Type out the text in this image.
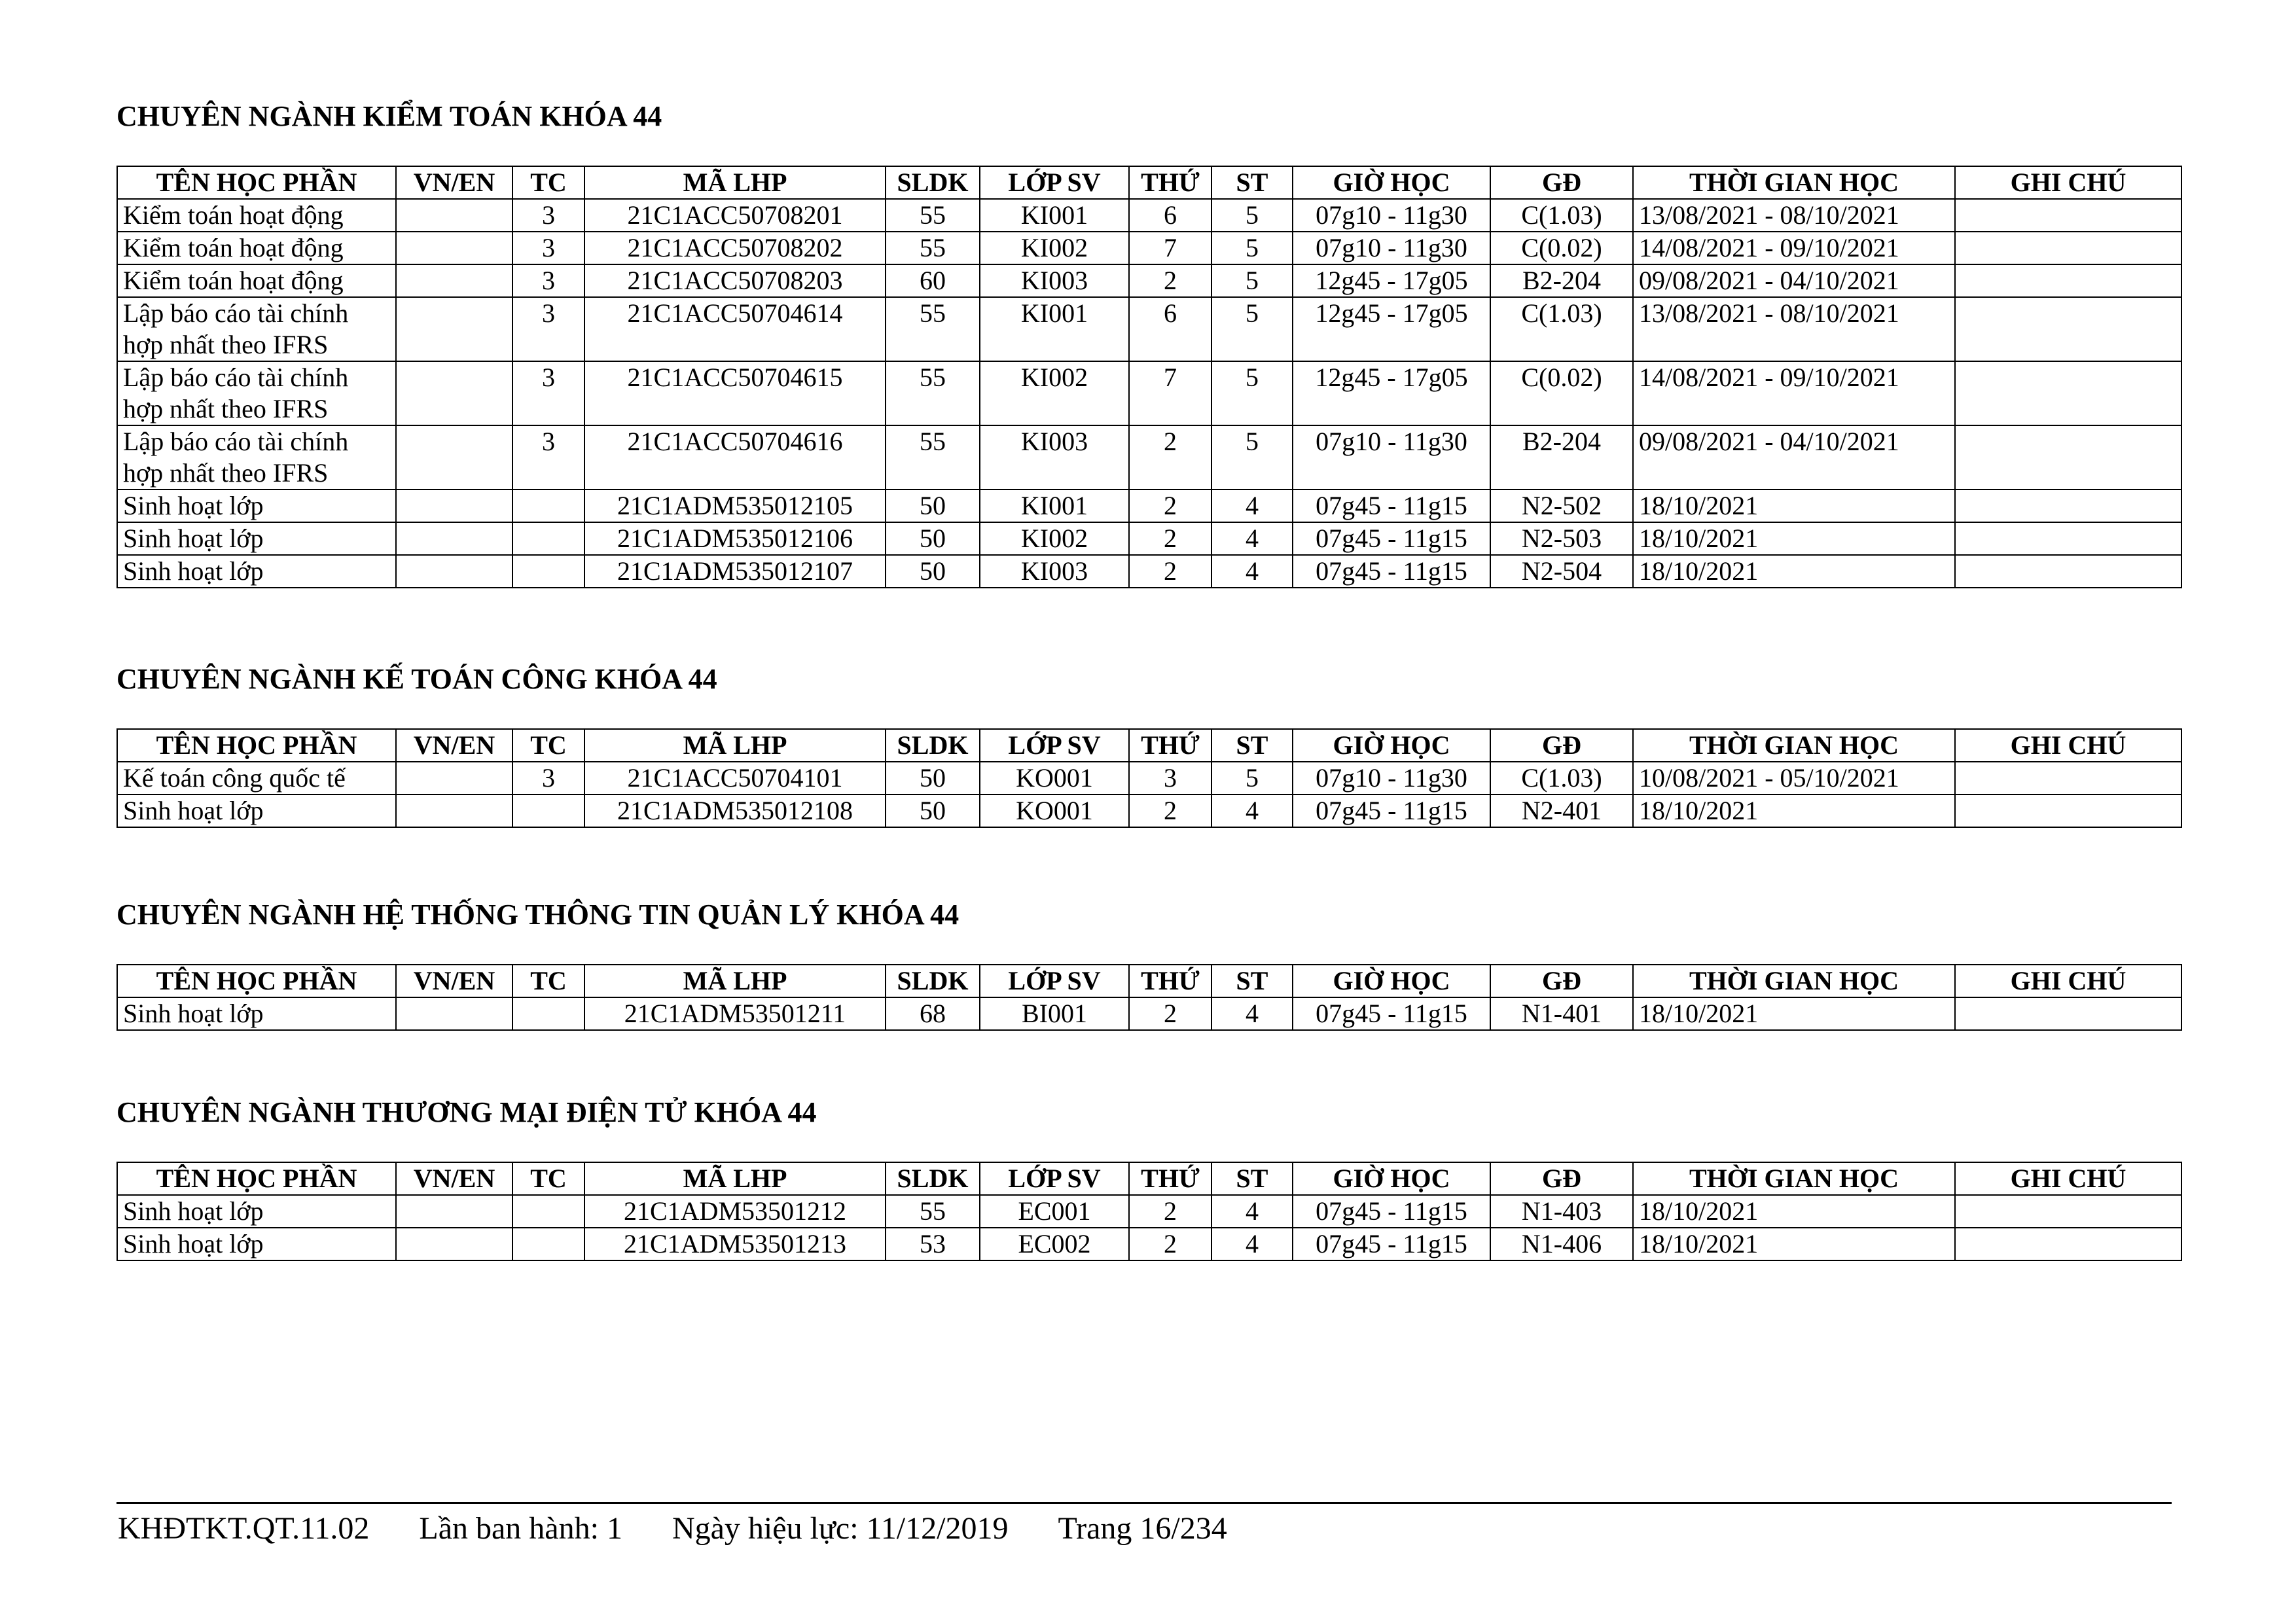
CHUYÊN NGÀNH KIỂM TOÁN KHÓA 44
TÊN HỌC PHẦN	VN/EN	TC	MÃ LHP	SLDK	LỚP SV	THỨ	ST	GIỜ HỌC	GĐ	THỜI GIAN HỌC	GHI CHÚ
Kiểm toán hoạt động		3	21C1ACC50708201	55	KI001	6	5	07g10 - 11g30	C(1.03)	13/08/2021 - 08/10/2021	
Kiểm toán hoạt động		3	21C1ACC50708202	55	KI002	7	5	07g10 - 11g30	C(0.02)	14/08/2021 - 09/10/2021	
Kiểm toán hoạt động		3	21C1ACC50708203	60	KI003	2	5	12g45 - 17g05	B2-204	09/08/2021 - 04/10/2021	
Lập báo cáo tài chính hợp nhất theo IFRS		3	21C1ACC50704614	55	KI001	6	5	12g45 - 17g05	C(1.03)	13/08/2021 - 08/10/2021	
Lập báo cáo tài chính hợp nhất theo IFRS		3	21C1ACC50704615	55	KI002	7	5	12g45 - 17g05	C(0.02)	14/08/2021 - 09/10/2021	
Lập báo cáo tài chính hợp nhất theo IFRS		3	21C1ACC50704616	55	KI003	2	5	07g10 - 11g30	B2-204	09/08/2021 - 04/10/2021	
Sinh hoạt lớp			21C1ADM535012105	50	KI001	2	4	07g45 - 11g15	N2-502	18/10/2021	
Sinh hoạt lớp			21C1ADM535012106	50	KI002	2	4	07g45 - 11g15	N2-503	18/10/2021	
Sinh hoạt lớp			21C1ADM535012107	50	KI003	2	4	07g45 - 11g15	N2-504	18/10/2021	
CHUYÊN NGÀNH KẾ TOÁN CÔNG KHÓA 44
TÊN HỌC PHẦN	VN/EN	TC	MÃ LHP	SLDK	LỚP SV	THỨ	ST	GIỜ HỌC	GĐ	THỜI GIAN HỌC	GHI CHÚ
Kế toán công quốc tế		3	21C1ACC50704101	50	KO001	3	5	07g10 - 11g30	C(1.03)	10/08/2021 - 05/10/2021	
Sinh hoạt lớp			21C1ADM535012108	50	KO001	2	4	07g45 - 11g15	N2-401	18/10/2021	
CHUYÊN NGÀNH HỆ THỐNG THÔNG TIN QUẢN LÝ KHÓA 44
TÊN HỌC PHẦN	VN/EN	TC	MÃ LHP	SLDK	LỚP SV	THỨ	ST	GIỜ HỌC	GĐ	THỜI GIAN HỌC	GHI CHÚ
Sinh hoạt lớp			21C1ADM53501211	68	BI001	2	4	07g45 - 11g15	N1-401	18/10/2021	
CHUYÊN NGÀNH THƯƠNG MẠI ĐIỆN TỬ KHÓA 44
TÊN HỌC PHẦN	VN/EN	TC	MÃ LHP	SLDK	LỚP SV	THỨ	ST	GIỜ HỌC	GĐ	THỜI GIAN HỌC	GHI CHÚ
Sinh hoạt lớp			21C1ADM53501212	55	EC001	2	4	07g45 - 11g15	N1-403	18/10/2021	
Sinh hoạt lớp			21C1ADM53501213	53	EC002	2	4	07g45 - 11g15	N1-406	18/10/2021	
KHĐTKT.QT.11.02 Lần ban hành: 1 Ngày hiệu lực: 11/12/2019 Trang 16/234
